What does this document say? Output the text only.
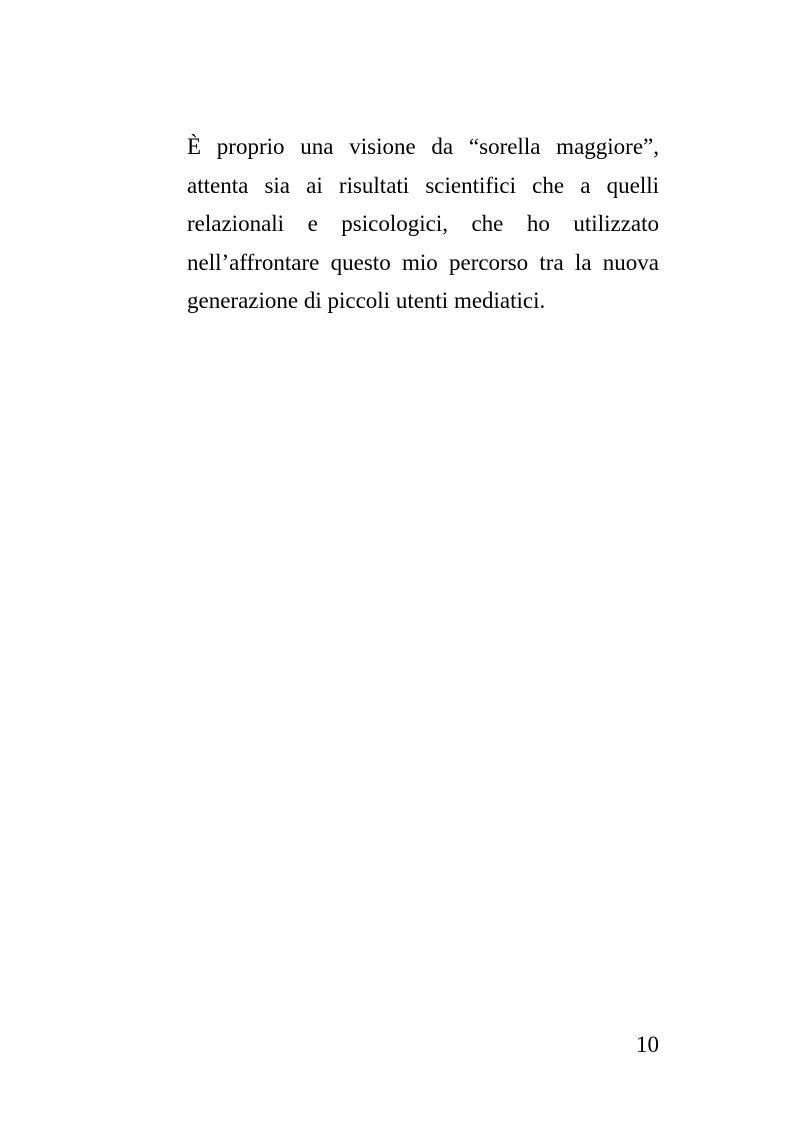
È proprio una visione da “sorella maggiore”,
attenta sia ai risultati scientifici che a quelli
relazionali e psicologici, che ho utilizzato
nell’affrontare questo mio percorso tra la nuova
generazione di piccoli utenti mediatici.
10
